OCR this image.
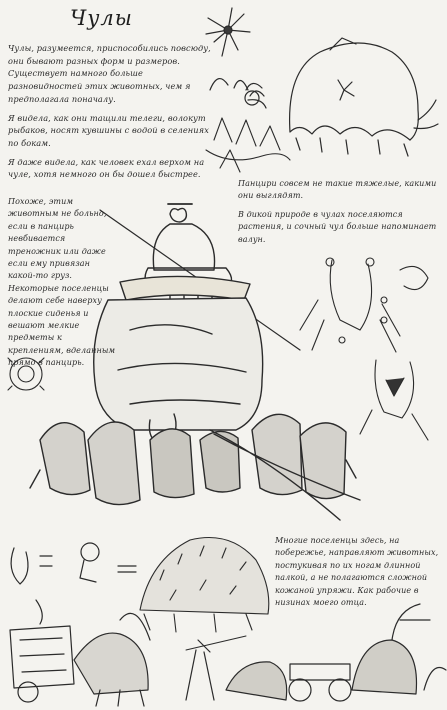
Чулы

Чулы, разумеется, приспособились повсюду, они бывают разных форм и размеров. Существует намного больше разновидностей этих животных, чем я предполагала поначалу.

Я видела, как они тащили телеги, волокут рыбаков, носят кувшины с водой в селениях по бокам.

Я даже видела, как человек ехал верхом на чуле, хотя немного он бы дошел быстрее.

Похоже, этим животным не больно, если в панцирь невбивается треножник или даже если ему привязан какой-то груз. Некоторые поселенцы делают себе наверху плоские сиденья и вешают мелкие предметы к креплениям, вделанным прямо в панцирь.

Панцири совсем не такие тяжелые, какими они выглядят.

В дикой природе в чулах поселяются растения, и сочный чул больше напоминает валун.

Многие поселенцы здесь, на побережье, направляют животных, постукивая по их ногам длинной палкой, а не полагаются сложной кожаной упряжи. Как рабочие в низинах моего отца.
